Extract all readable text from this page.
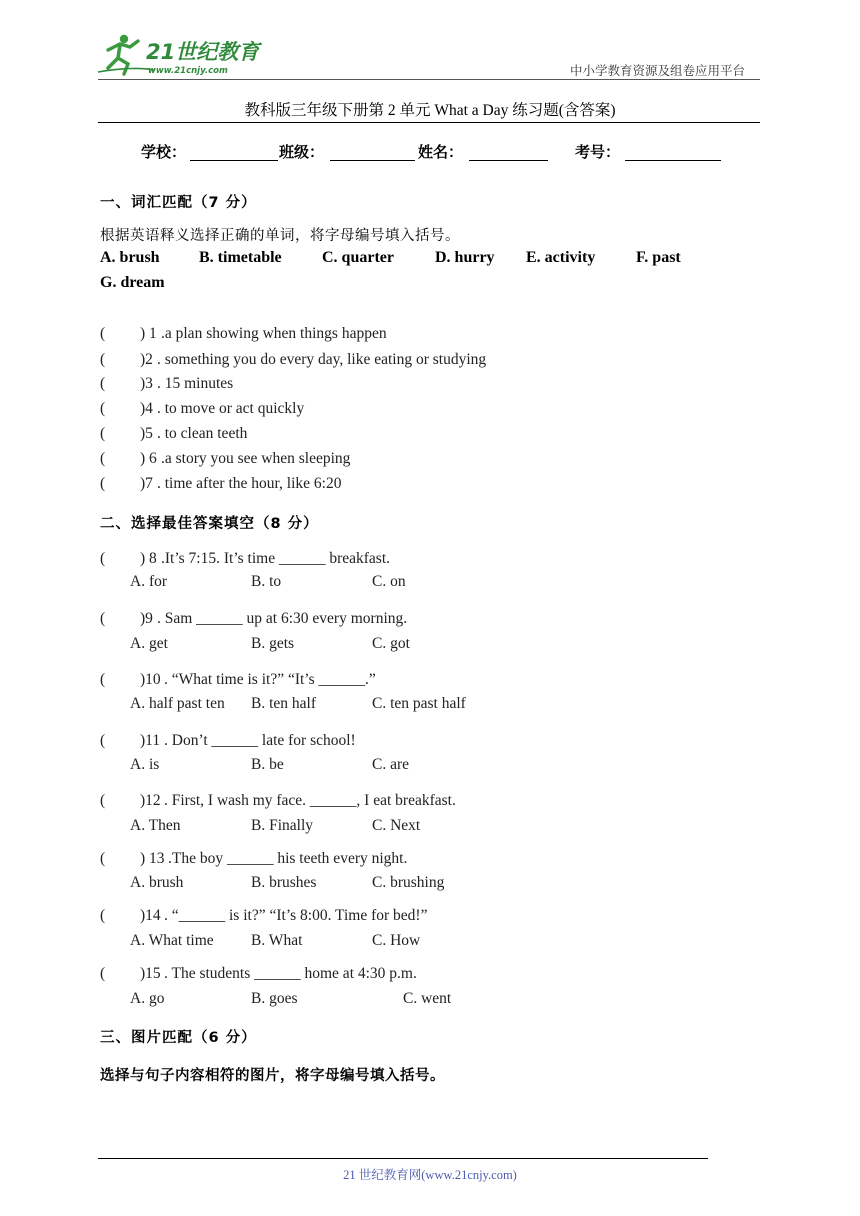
21世纪教育
www.21cnjy.com	中小学教育资源及组卷应用平台
教科版三年级下册第 2 单元 What a Day 练习题(含答案)
学校：	班级：	姓名：	考号：
一、词汇匹配（7 分）
根据英语释义选择正确的单词，将字母编号填入括号。
A. brush B. timetable	C. quarter	D. hurry E. activity	F. past
G. dream
( ) 1 .a plan showing when things happen
( )2 . something you do every day, like eating or studying
( )3 . 15 minutes
( )4 . to move or act quickly
( )5 . to clean teeth
( ) 6 .a story you see when sleeping
( )7 . time after the hour, like 6:20
二、选择最佳答案填空（8 分）
( ) 8 .It’s 7:15. It’s time ______ breakfast.
A. for	B. to	C. on
( )9 . Sam ______ up at 6:30 every morning.
A. get	B. gets	C. got
( )10 . “What time is it?” “It’s ______.”
A. half past ten B. ten half	C. ten past half
( )11 . Don’t ______ late for school!
A. is	B. be	C. are
( )12 . First, I wash my face. ______, I eat breakfast.
A. Then	B. Finally	C. Next
( ) 13 .The boy ______ his teeth every night.
A. brush	B. brushes	C. brushing
( )14 . “______ is it?” “It’s 8:00. Time for bed!”
A. What time B. What	C. How
( )15 . The students ______ home at 4:30 p.m.
A. go	B. goes	C. went
三、图片匹配（6 分）
选择与句子内容相符的图片，将字母编号填入括号。
21 世纪教育网(www.21cnjy.com)
